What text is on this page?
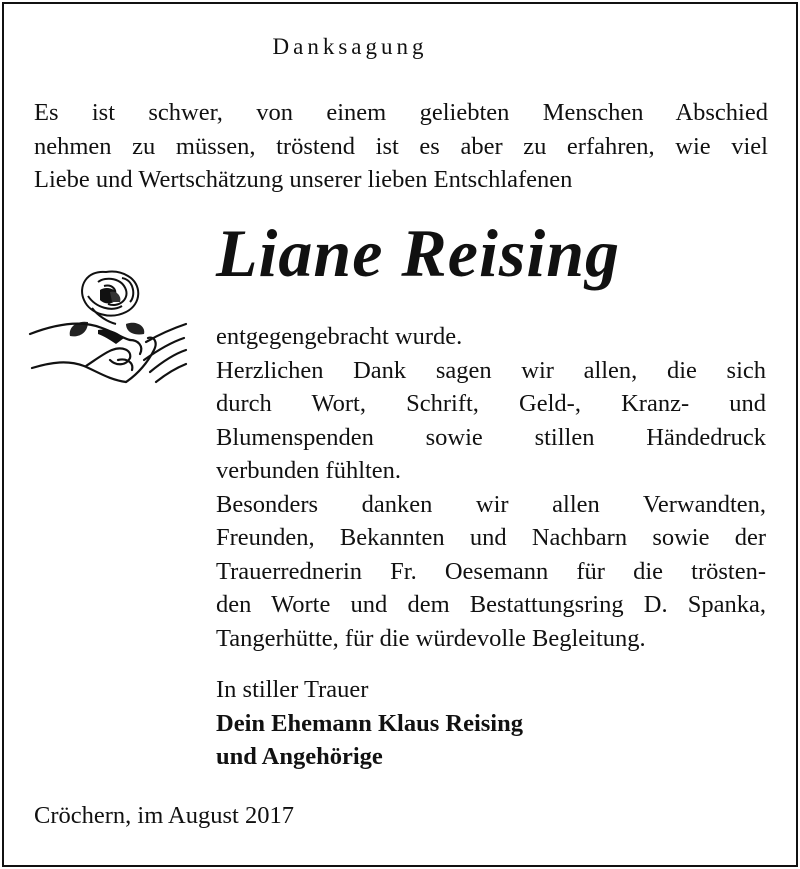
Danksagung
Es ist schwer, von einem geliebten Menschen Abschied
nehmen zu müssen, tröstend ist es aber zu erfahren, wie viel
Liebe und Wertschätzung unserer lieben Entschlafenen
Liane Reising
entgegengebracht wurde.
Herzlichen Dank sagen wir allen, die sich
durch Wort, Schrift, Geld-, Kranz- und
Blumenspenden sowie stillen Händedruck
verbunden fühlten.
Besonders danken wir allen Verwandten,
Freunden, Bekannten und Nachbarn sowie der
Trauerrednerin Fr. Oesemann für die trösten-
den Worte und dem Bestattungsring D. Spanka,
Tangerhütte, für die würdevolle Begleitung.
In stiller Trauer
Dein Ehemann Klaus Reising
und Angehörige
Cröchern, im August 2017
